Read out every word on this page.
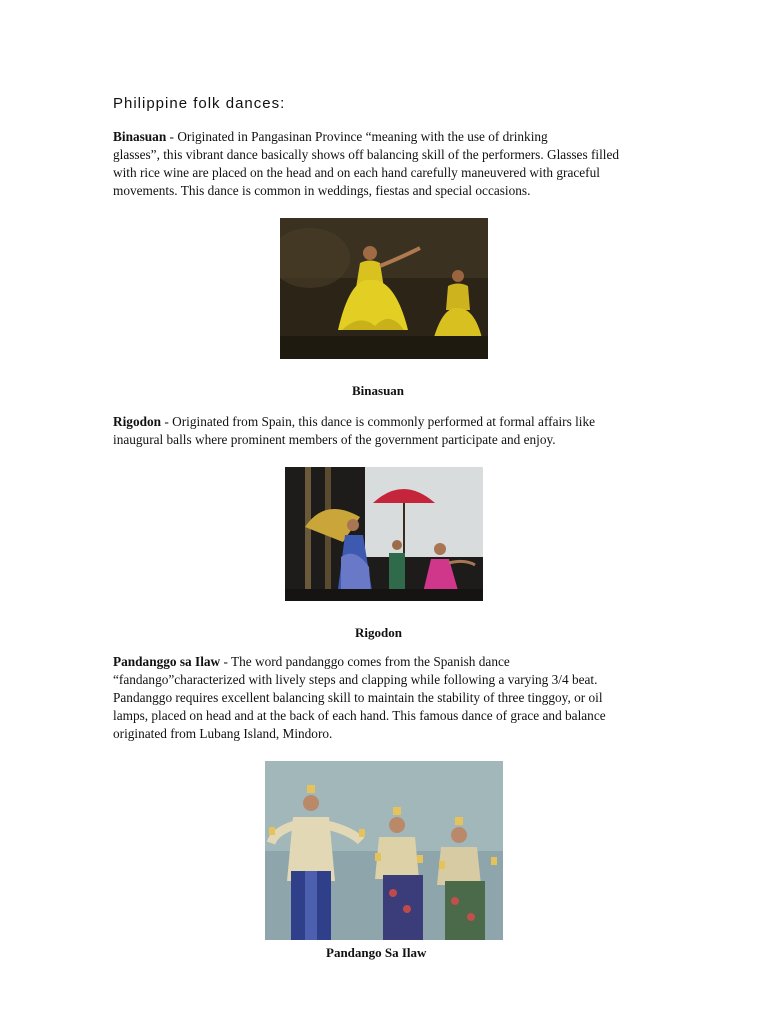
Philippine folk dances:
Binasuan - Originated in Pangasinan Province “meaning with the use of drinking
glasses”, this vibrant dance basically shows off balancing skill of the performers. Glasses filled
with rice wine are placed on the head and on each hand carefully maneuvered with graceful
movements. This dance is common in weddings, fiestas and special occasions.

Binasuan

Rigodon - Originated from Spain, this dance is commonly performed at formal affairs like
inaugural balls where prominent members of the government participate and enjoy.

Rigodon

Pandanggo sa Ilaw - The word pandanggo comes from the Spanish dance
“fandango”characterized with lively steps and clapping while following a varying 3/4 beat.
Pandanggo requires excellent balancing skill to maintain the stability of three tinggoy, or oil
lamps, placed on head and at the back of each hand. This famous dance of grace and balance
originated from Lubang Island, Mindoro.

Pandango Sa Ilaw
